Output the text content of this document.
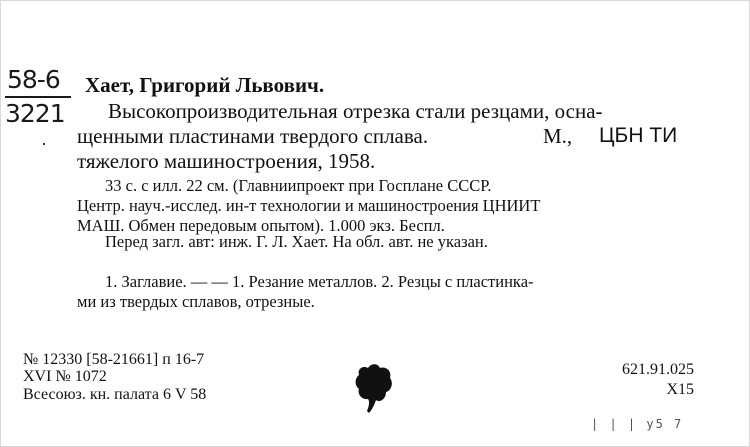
58-6
3221
Хает, Григорий Львович.
Высокопроизводительная отрезка стали резцами, осна-
щенными пластинами твердого сплава.	М., ЦБН ТИ
тяжелого машиностроения, 1958.
33 с. с илл. 22 см. (Главниипроект при Госплане СССР.
Центр. науч.-исслед. ин-т технологии и машиностроения ЦНИИТ
МАШ. Обмен передовым опытом). 1.000 экз. Беспл.
Перед загл. авт: инж. Г. Л. Хает. На обл. авт. не указан.
1. Заглавие. — — 1. Резание металлов. 2. Резцы с пластинка-
ми из твердых сплавов, отрезные.
№ 12330 [58-21661] п 16-7
XVI № 1072
Всесоюз. кн. палата 6 V 58
621.91.025
X15
| | | у5 7
